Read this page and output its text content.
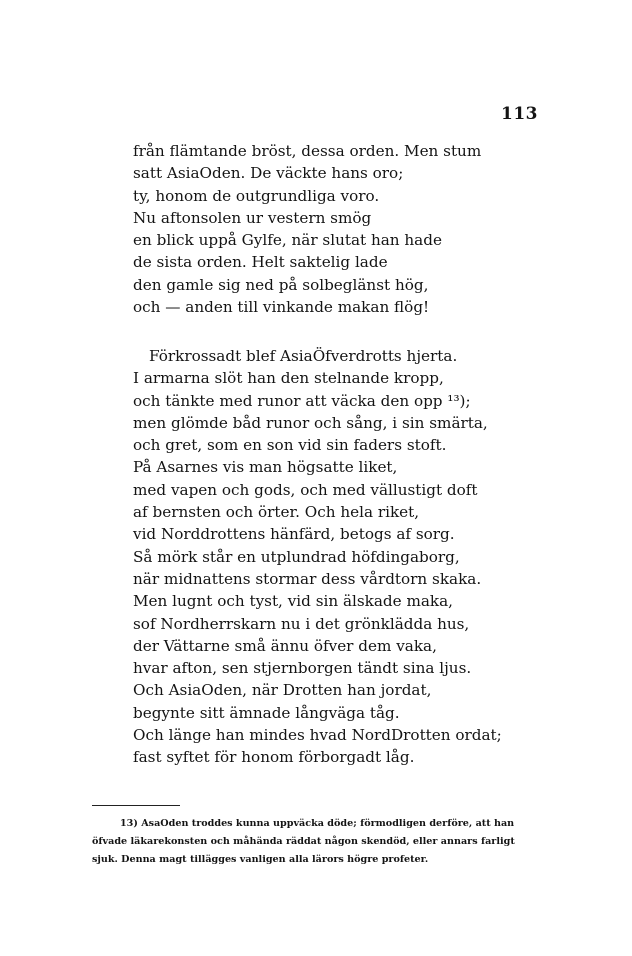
113
från flämtande bröst, dessa orden. Men stum
satt AsiaOden. De väckte hans oro;
ty, honom de outgrundliga voro.
Nu aftonsolen ur vestern smög
en blick uppå Gylfe, när slutat han hade
de sista orden. Helt saktelig lade
den gamle sig ned på solbeglänst hög,
och — anden till vinkande makan flög!
Förkrossadt blef AsiaÖfverdrotts hjerta.
I armarna slöt han den stelnande kropp,
och tänkte med runor att väcka den opp ¹³);
men glömde båd runor och sång, i sin smärta,
och gret, som en son vid sin faders stoft.
På Asarnes vis man högsatte liket,
med vapen och gods, och med vällustigt doft
af bernsten och örter. Och hela riket,
vid Norddrottens hänfärd, betogs af sorg.
Så mörk står en utplundrad höfdingaborg,
när midnattens stormar dess vårdtorn skaka.
Men lugnt och tyst, vid sin älskade maka,
sof Nordherrskarn nu i det grönklädda hus,
der Vättarne små ännu öfver dem vaka,
hvar afton, sen stjernborgen tändt sina ljus.
Och AsiaOden, när Drotten han jordat,
begynte sitt ämnade långväga tåg.
Och länge han mindes hvad NordDrotten ordat;
fast syftet för honom förborgadt låg.
13) AsaOden troddes kunna uppväcka döde; förmodligen derföre, att han
öfvade läkarekonsten och måhända räddat någon skendöd, eller annars farligt
sjuk. Denna magt tillägges vanligen alla lärors högre profeter.
